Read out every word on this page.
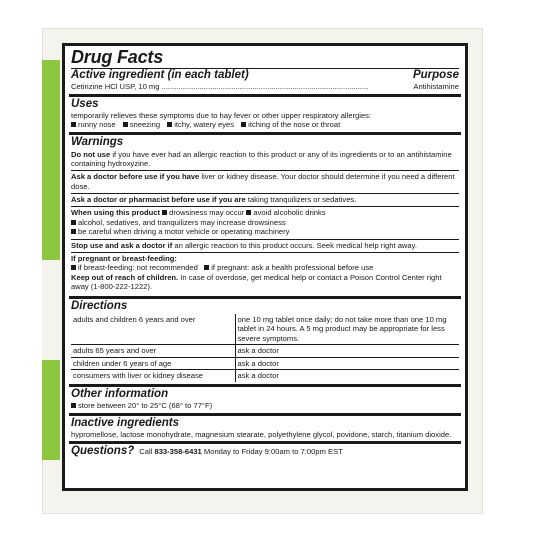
Drug Facts
Active ingredient (in each tablet)	Purpose
Cetirizine HCl USP, 10 mg ..................................................................................................	Antihistamine
Uses
temporarily relieves these symptoms due to hay fever or other upper respiratory allergies:
runny nose sneezing itchy, watery eyes itching of the nose or throat
Warnings
Do not use if you have ever had an allergic reaction to this product or any of its ingredients or to an antihistamine containing hydroxyzine.
Ask a doctor before use if you have liver or kidney disease. Your doctor should determine if you need a different dose.
Ask a doctor or pharmacist before use if you are taking tranquilizers or sedatives.
When using this product drowsiness may occur avoid alcoholic drinks
alcohol, sedatives, and tranquilizers may increase drowsiness
be careful when driving a motor vehicle or operating machinery
Stop use and ask a doctor if an allergic reaction to this product occurs. Seek medical help right away.
If pregnant or breast-feeding:
if breast-feeding: not recommended if pregnant: ask a health professional before use
Keep out of reach of children. In case of overdose, get medical help or contact a Poison Control Center right away (1-800-222-1222).
Directions
adults and children 6 years and over	one 10 mg tablet once daily; do not take more than one 10 mg tablet in 24 hours. A 5 mg product may be appropriate for less severe symptoms.
adults 65 years and over	ask a doctor
children under 6 years of age	ask a doctor
consumers with liver or kidney disease	ask a doctor
Other information
store between 20° to 25°C (68° to 77°F)
Inactive ingredients
hypromellose, lactose monohydrate, magnesium stearate, polyethylene glycol, povidone, starch, titanium dioxide.
Questions? Call 833-358-6431 Monday to Friday 9:00am to 7:00pm EST
